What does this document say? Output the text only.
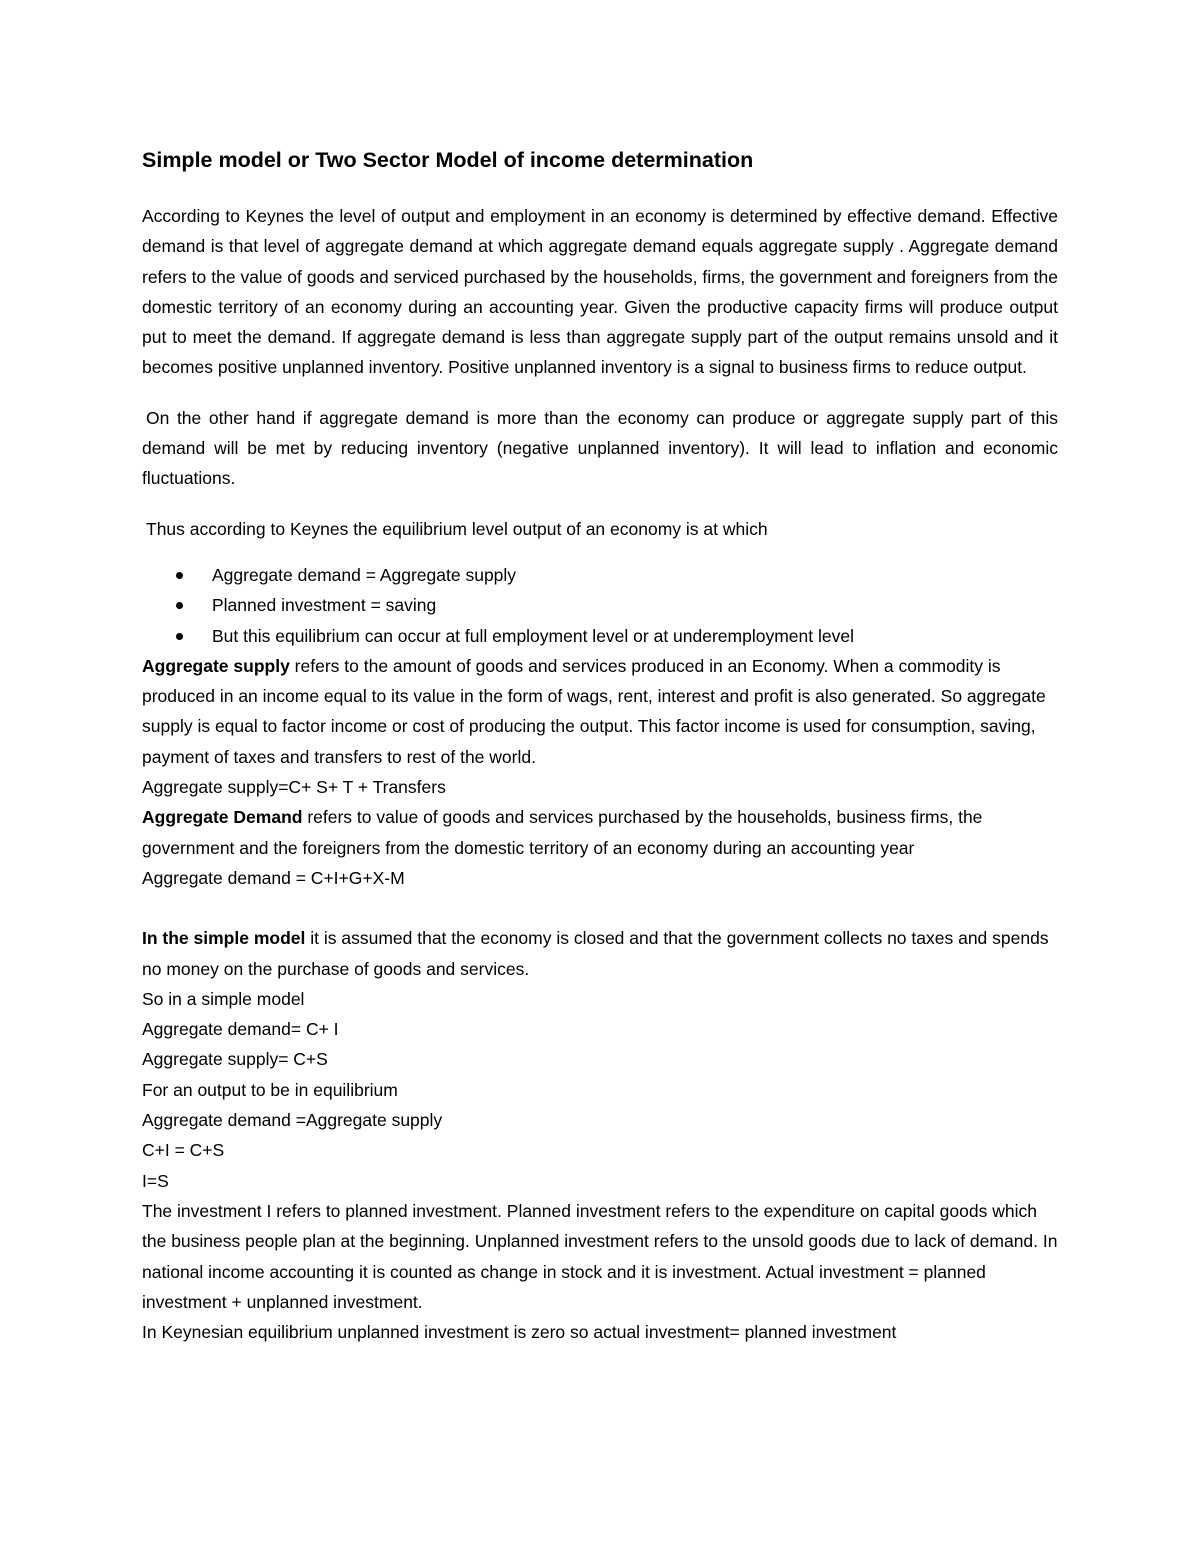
Simple model or Two Sector Model of income determination

According to Keynes the level of output and employment in an economy is determined by effective demand. Effective demand is that level of aggregate demand at which aggregate demand equals aggregate supply . Aggregate demand refers to the value of goods and serviced purchased by the households, firms, the government and foreigners from the domestic territory of an economy during an accounting year. Given the productive capacity firms will produce output put to meet the demand. If aggregate demand is less than aggregate supply part of the output remains unsold and it becomes positive unplanned inventory. Positive unplanned inventory is a signal to business firms to reduce output.

On the other hand if aggregate demand is more than the economy can produce or aggregate supply part of this demand will be met by reducing inventory (negative unplanned inventory). It will lead to inflation and economic fluctuations.

Thus according to Keynes the equilibrium level output of an economy is at which

Aggregate demand = Aggregate supply
Planned investment = saving
But this equilibrium can occur at full employment level or at underemployment level

Aggregate supply refers to the amount of goods and services produced in an Economy. When a commodity is produced in an income equal to its value in the form of wags, rent, interest and profit is also generated. So aggregate supply is equal to factor income or cost of producing the output. This factor income is used for consumption, saving, payment of taxes and transfers to rest of the world.

Aggregate supply=C+ S+ T + Transfers

Aggregate Demand refers to value of goods and services purchased by the households, business firms, the government and the foreigners from the domestic territory of an economy during an accounting year

Aggregate demand = C+I+G+X-M

In the simple model it is assumed that the economy is closed and that the government collects no taxes and spends no money on the purchase of goods and services.

So in a simple model

Aggregate demand= C+ I

Aggregate supply= C+S

For an output to be in equilibrium

Aggregate demand =Aggregate supply

C+I = C+S

I=S

The investment I refers to planned investment. Planned investment refers to the expenditure on capital goods which the business people plan at the beginning. Unplanned investment refers to the unsold goods due to lack of demand. In national income accounting it is counted as change in stock and it is investment. Actual investment = planned investment + unplanned investment.

In Keynesian equilibrium unplanned investment is zero so actual investment= planned investment
